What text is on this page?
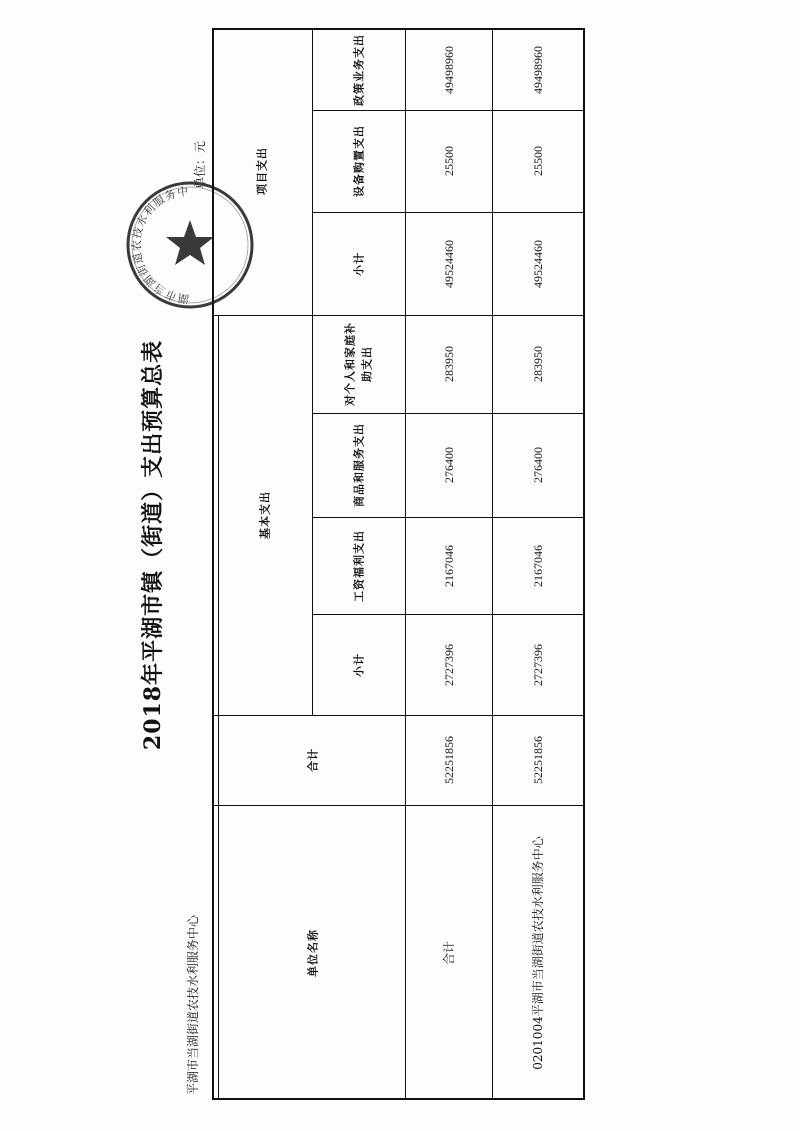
2018年平湖市镇（街道）支出预算总表
平湖市当湖街道农技水利服务中心
单位：元
湖市当湖街道农技水利服务中
单位名称
合计
基本支出
小计
工资福利支出
商品和服务支出
对个人和家庭补 助支出
项目支出
小计
设备购置支出
政策业务支出
合计
52251856
2727396
2167046
276400
283950
49524460
25500
49498960
0201004平湖市当湖街道农技水利服务中心
52251856
2727396
2167046
276400
283950
49524460
25500
49498960
